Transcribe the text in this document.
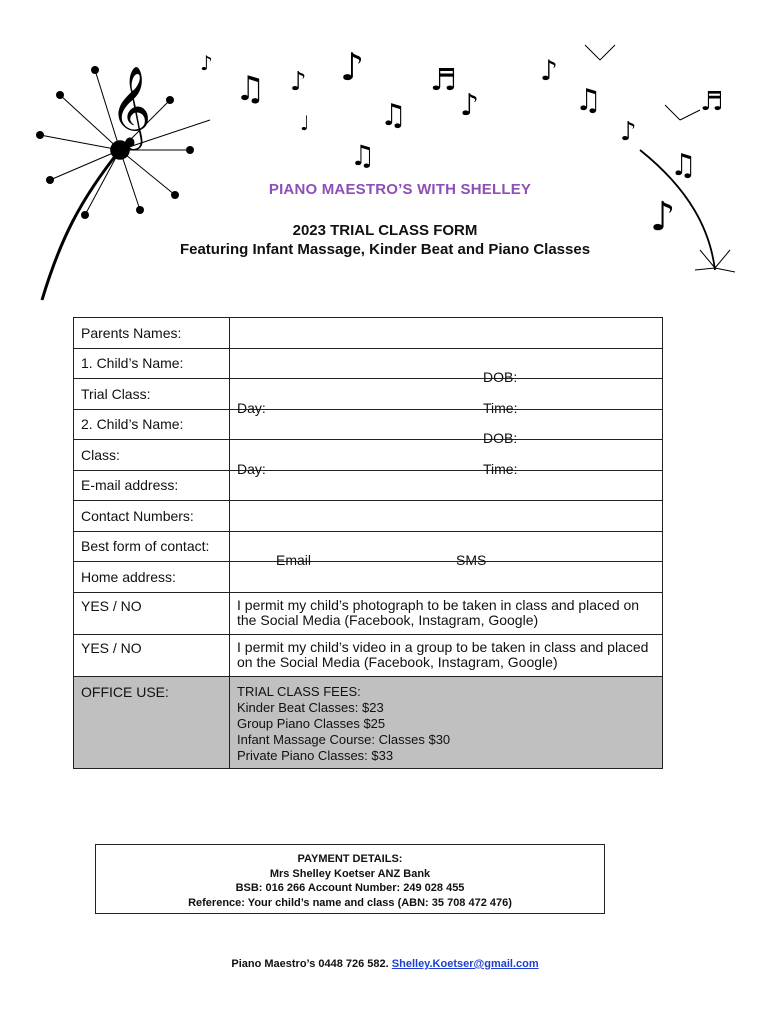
𝄞 ♫ ♪ ♪
♫
♬
♪
♫
♪
♫
♪
♪
♫
♬
♪
♩
PIANO MAESTRO’S WITH SHELLEY
2023 TRIAL CLASS FORM
Featuring Infant Massage, Kinder Beat and Piano Classes
Parents Names:	
1. Child’s Name:	DOB:

Trial Class:	Day: Time:

2. Child’s Name:	DOB:

Class:	Day: Time:

E-mail address:	
Contact Numbers:	
Best form of contact:	Email SMS

Home address:	
YES / NO	I permit my child’s photograph to be taken in class and placed on the Social Media (Facebook, Instagram, Google)
YES / NO	I permit my child’s video in a group to be taken in class and placed on the Social Media (Facebook, Instagram, Google)
OFFICE USE:	TRIAL CLASS FEES:
Kinder Beat Classes: $23
Group Piano Classes $25
Infant Massage Course: Classes $30
Private Piano Classes: $33
PAYMENT DETAILS:
Mrs Shelley Koetser ANZ Bank
BSB: 016 266 Account Number: 249 028 455
Reference: Your child’s name and class (ABN: 35 708 472 476)
Piano Maestro’s 0448 726 582. Shelley.Koetser@gmail.com
